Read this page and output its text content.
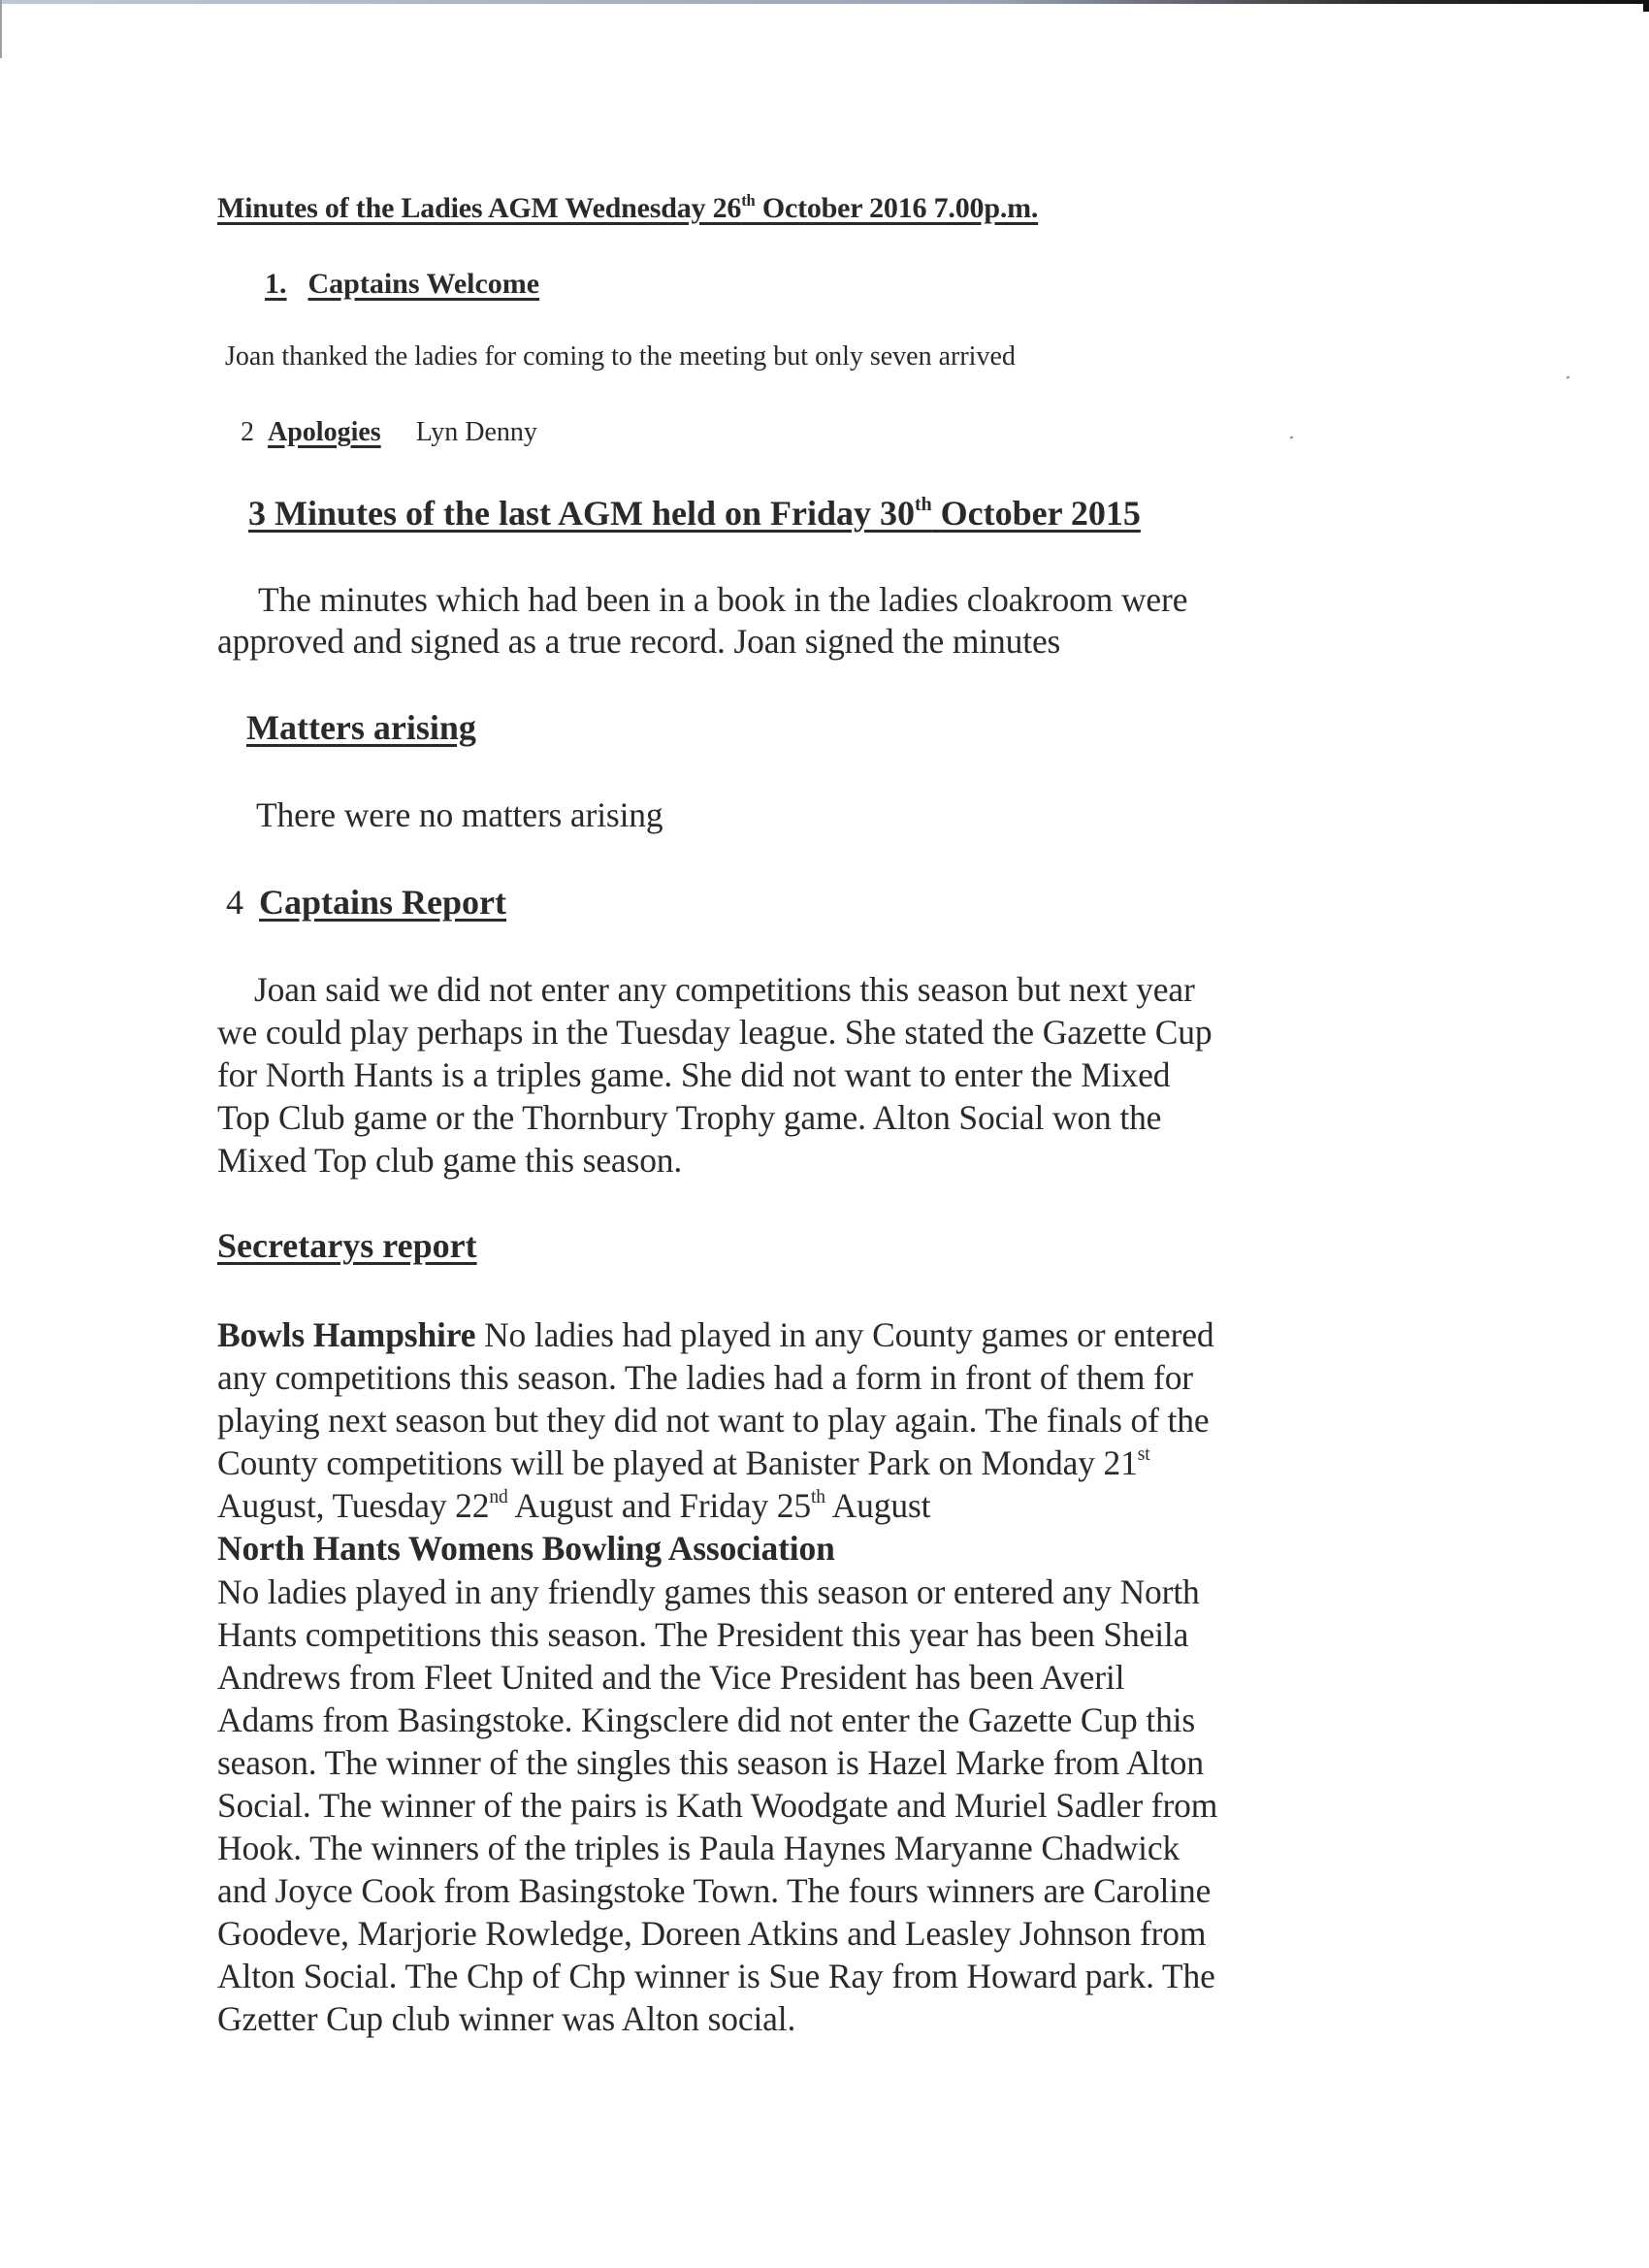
Minutes of the Ladies AGM Wednesday 26th October 2016 7.00p.m.
1. Captains Welcome
Joan thanked the ladies for coming to the meeting but only seven arrived
2 Apologies Lyn Denny
3 Minutes of the last AGM held on Friday 30th October 2015
The minutes which had been in a book in the ladies cloakroom were
approved and signed as a true record. Joan signed the minutes
Matters arising
There were no matters arising
4 Captains Report
Joan said we did not enter any competitions this season but next year
we could play perhaps in the Tuesday league. She stated the Gazette Cup
for North Hants is a triples game. She did not want to enter the Mixed
Top Club game or the Thornbury Trophy game. Alton Social won the
Mixed Top club game this season.
Secretarys report
Bowls Hampshire No ladies had played in any County games or entered
any competitions this season. The ladies had a form in front of them for
playing next season but they did not want to play again. The finals of the
County competitions will be played at Banister Park on Monday 21st
August, Tuesday 22nd August and Friday 25th August
North Hants Womens Bowling Association
No ladies played in any friendly games this season or entered any North
Hants competitions this season. The President this year has been Sheila
Andrews from Fleet United and the Vice President has been Averil
Adams from Basingstoke. Kingsclere did not enter the Gazette Cup this
season. The winner of the singles this season is Hazel Marke from Alton
Social. The winner of the pairs is Kath Woodgate and Muriel Sadler from
Hook. The winners of the triples is Paula Haynes Maryanne Chadwick
and Joyce Cook from Basingstoke Town. The fours winners are Caroline
Goodeve, Marjorie Rowledge, Doreen Atkins and Leasley Johnson from
Alton Social. The Chp of Chp winner is Sue Ray from Howard park. The
Gzetter Cup club winner was Alton social.
